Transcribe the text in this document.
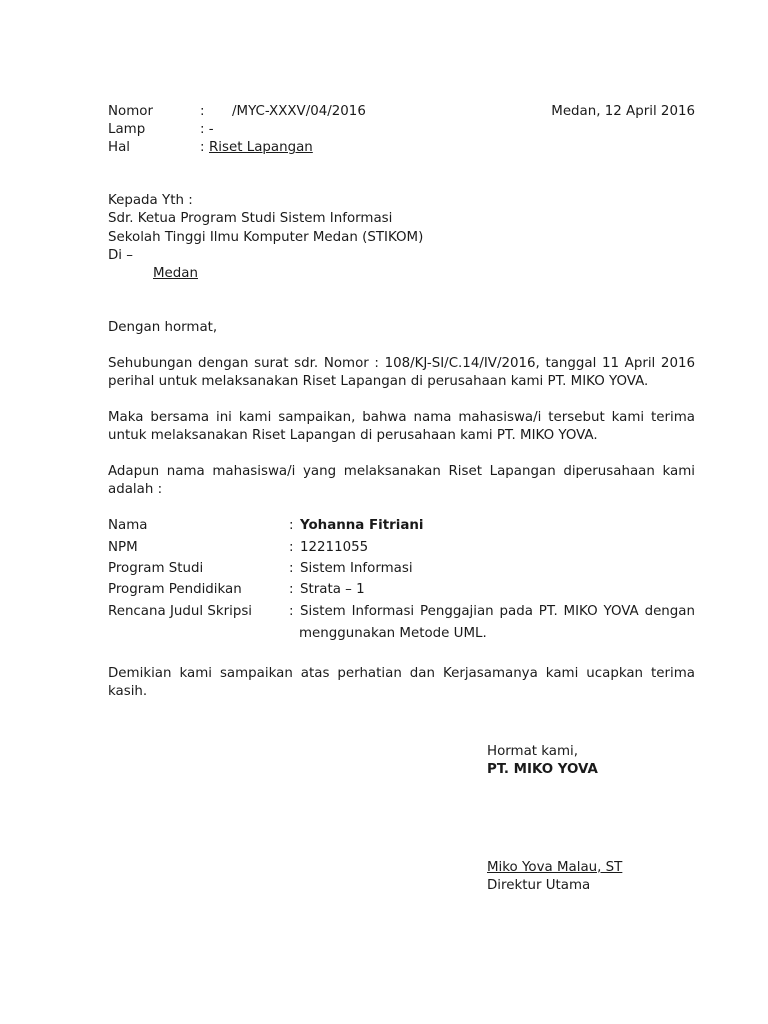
Nomor	: /MYC-XXXV/04/2016	Medan, 12 April 2016
Lamp	: -
Hal	: Riset Lapangan
Kepada Yth :
Sdr. Ketua Program Studi Sistem Informasi
Sekolah Tinggi Ilmu Komputer Medan (STIKOM)
Di –
Medan
Dengan hormat,
Sehubungan dengan surat sdr. Nomor : 108/KJ-SI/C.14/IV/2016, tanggal 11 April 2016
perihal untuk melaksanakan Riset Lapangan di perusahaan kami PT. MIKO YOVA.
Maka bersama ini kami sampaikan, bahwa nama mahasiswa/i tersebut kami terima
untuk melaksanakan Riset Lapangan di perusahaan kami PT. MIKO YOVA.
Adapun nama mahasiswa/i yang melaksanakan Riset Lapangan diperusahaan kami
adalah :
Nama	: Yohanna Fitriani
NPM	: 12211055
Program Studi	: Sistem Informasi
Program Pendidikan	: Strata – 1
Rencana Judul Skripsi	: Sistem Informasi Penggajian pada PT. MIKO YOVA dengan
menggunakan Metode UML.
Demikian kami sampaikan atas perhatian dan Kerjasamanya kami ucapkan terima
kasih.
Hormat kami,
PT. MIKO YOVA
Miko Yova Malau, ST
Direktur Utama
